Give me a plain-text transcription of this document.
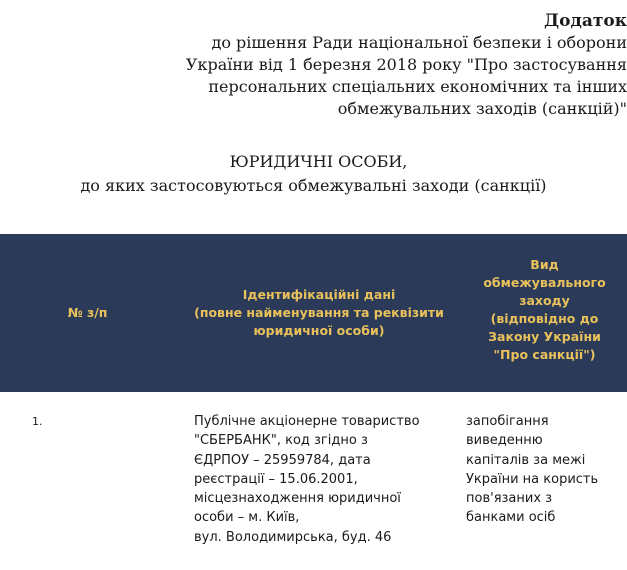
Додаток
до рішення Ради національної безпеки і оборони
України від 1 березня 2018 року "Про застосування
персональних спеціальних економічних та інших
обмежувальних заходів (санкцій)"
ЮРИДИЧНІ ОСОБИ,
до яких застосовуються обмежувальні заходи (санкції)
№ з/п
Ідентифікаційні дані
(повне найменування та реквізити
юридичної особи)
Вид
обмежувального
заходу
(відповідно до
Закону України
"Про санкції")
1.	Публічне акціонерне товариство
"СБЕРБАНК", код згідно з
ЄДРПОУ – 25959784, дата
реєстрації – 15.06.2001,
місцезнаходження юридичної
особи – м. Київ,
вул. Володимирська, буд. 46
запобігання
виведенню
капіталів за межі
України на користь
пов'язаних з
банками осіб
